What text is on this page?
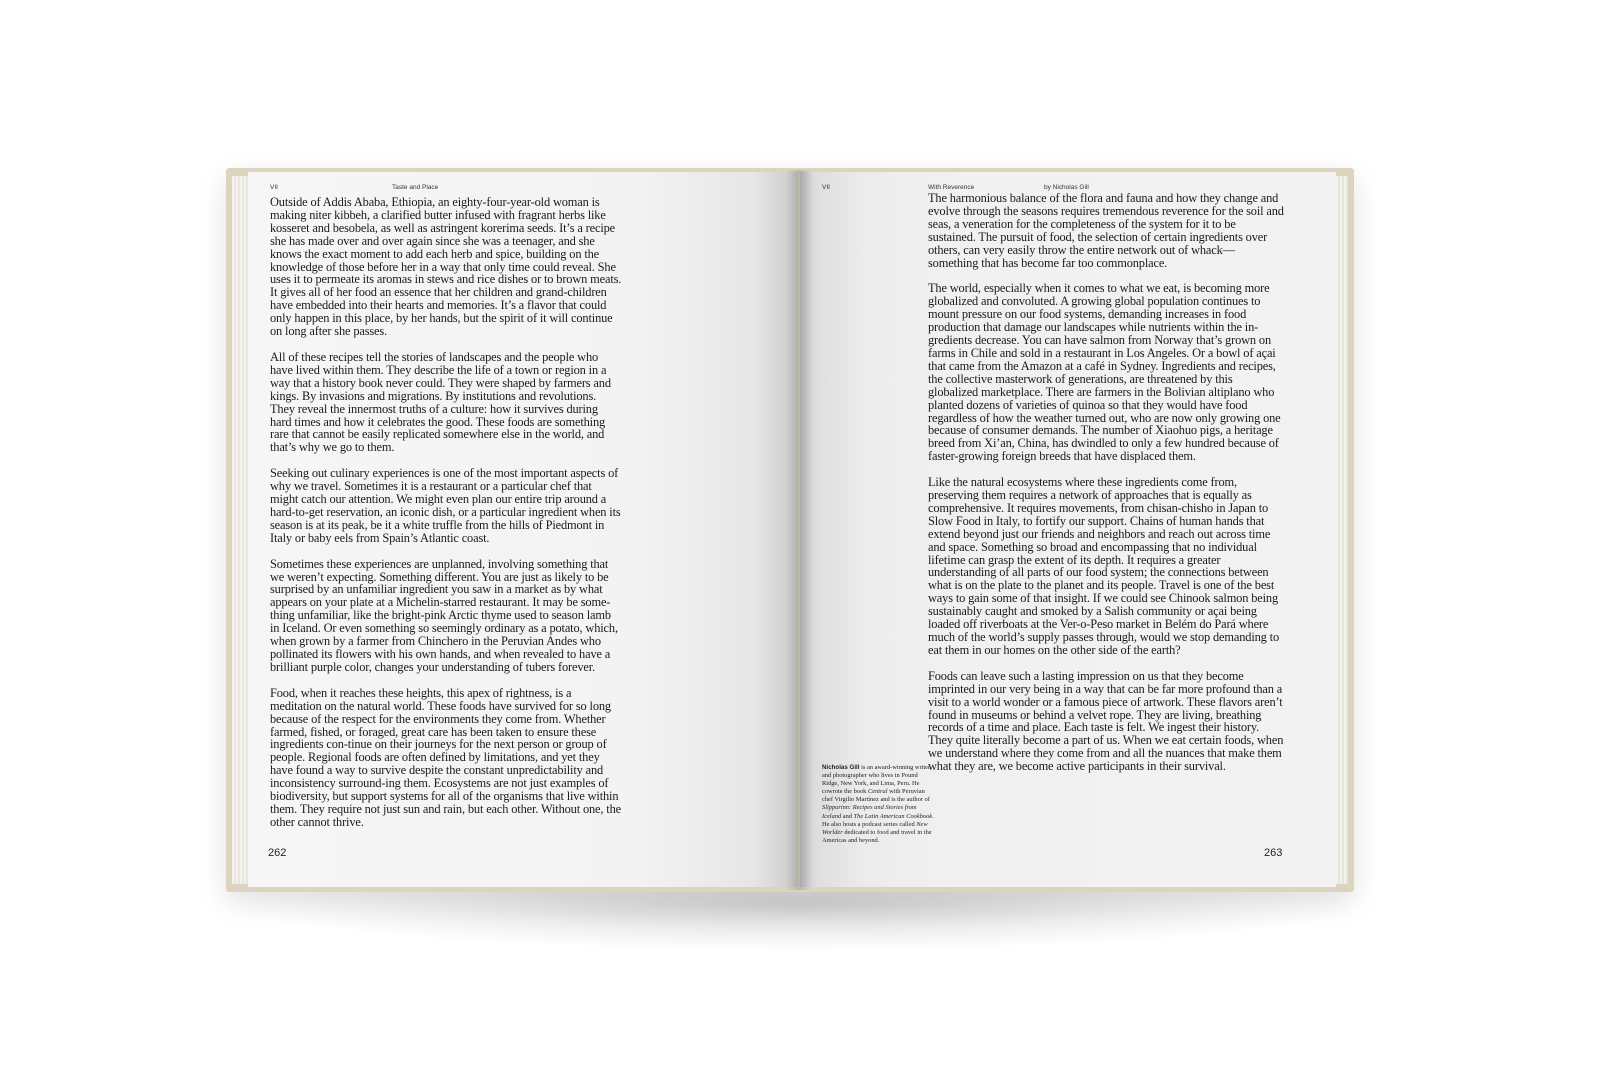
VII	Taste and Place

Outside of Addis Ababa, Ethiopia, an eighty-four-year-old woman is making niter kibbeh, a clarified butter infused with fragrant herbs like kosseret and besobela, as well as astringent korerima seeds. It’s a recipe she has made over and over again since she was a teenager, and she knows the exact moment to add each herb and spice, building on the knowledge of those before her in a way that only time could reveal. She uses it to permeate its aromas in stews and rice dishes or to brown meats. It gives all of her food an essence that her children and grand-children have embedded into their hearts and memories. It’s a flavor that could only happen in this place, by her hands, but the spirit of it will continue on long after she passes.

All of these recipes tell the stories of landscapes and the people who have lived within them. They describe the life of a town or region in a way that a history book never could. They were shaped by farmers and kings. By invasions and migrations. By institutions and revolutions. They reveal the innermost truths of a culture: how it survives during hard times and how it celebrates the good. These foods are something rare that cannot be easily replicated somewhere else in the world, and that’s why we go to them.

Seeking out culinary experiences is one of the most important aspects of why we travel. Sometimes it is a restaurant or a particular chef that might catch our attention. We might even plan our entire trip around a hard-to-get reservation, an iconic dish, or a particular ingredient when its season is at its peak, be it a white truffle from the hills of Piedmont in Italy or baby eels from Spain’s Atlantic coast.

Sometimes these experiences are unplanned, involving something that we weren’t expecting. Something different. You are just as likely to be surprised by an unfamiliar ingredient you saw in a market as by what appears on your plate at a Michelin-starred restaurant. It may be some-thing unfamiliar, like the bright-pink Arctic thyme used to season lamb in Iceland. Or even something so seemingly ordinary as a potato, which, when grown by a farmer from Chinchero in the Peruvian Andes who pollinated its flowers with his own hands, and when revealed to have a brilliant purple color, changes your understanding of tubers forever.

Food, when it reaches these heights, this apex of rightness, is a meditation on the natural world. These foods have survived for so long because of the respect for the environments they come from. Whether farmed, fished, or foraged, great care has been taken to ensure these ingredients con-tinue on their journeys for the next person or group of people. Regional foods are often defined by limitations, and yet they have found a way to survive despite the constant unpredictability and inconsistency surround-ing them. Ecosystems are not just examples of biodiversity, but support systems for all of the organisms that live within them. They require not just sun and rain, but each other. Without one, the other cannot thrive.

262
VII	With Reverence	by Nicholas Gill

The harmonious balance of the flora and fauna and how they change and evolve through the seasons requires tremendous reverence for the soil and seas, a veneration for the completeness of the system for it to be sustained. The pursuit of food, the selection of certain ingredients over others, can very easily throw the entire network out of whack—something that has become far too commonplace.

The world, especially when it comes to what we eat, is becoming more globalized and convoluted. A growing global population continues to mount pressure on our food systems, demanding increases in food production that damage our landscapes while nutrients within the in-gredients decrease. You can have salmon from Norway that’s grown on farms in Chile and sold in a restaurant in Los Angeles. Or a bowl of açai that came from the Amazon at a café in Sydney. Ingredients and recipes, the collective masterwork of generations, are threatened by this globalized marketplace. There are farmers in the Bolivian altiplano who planted dozens of varieties of quinoa so that they would have food regardless of how the weather turned out, who are now only growing one because of consumer demands. The number of Xiaohuo pigs, a heritage breed from Xi’an, China, has dwindled to only a few hundred because of faster-growing foreign breeds that have displaced them.

Like the natural ecosystems where these ingredients come from, preserving them requires a network of approaches that is equally as comprehensive. It requires movements, from chisan-chisho in Japan to Slow Food in Italy, to fortify our support. Chains of human hands that extend beyond just our friends and neighbors and reach out across time and space. Something so broad and encompassing that no individual lifetime can grasp the extent of its depth. It requires a greater understanding of all parts of our food system; the connections between what is on the plate to the planet and its people. Travel is one of the best ways to gain some of that insight. If we could see Chinook salmon being sustainably caught and smoked by a Salish community or açai being loaded off riverboats at the Ver-o-Peso market in Belém do Pará where much of the world’s supply passes through, would we stop demanding to eat them in our homes on the other side of the earth?

Foods can leave such a lasting impression on us that they become imprinted in our very being in a way that can be far more profound than a visit to a world wonder or a famous piece of artwork. These flavors aren’t found in museums or behind a velvet rope. They are living, breathing records of a time and place. Each taste is felt. We ingest their history. They quite literally become a part of us. When we eat certain foods, when we understand where they come from and all the nuances that make them what they are, we become active participants in their survival.

Nicholas Gill is an award-winning writer and photographer who lives in Pound Ridge, New York, and Lima, Peru. He cowrote the book Central with Peruvian chef Virgilio Martínez and is the author of Slippurinn: Recipes and Stories from Iceland and The Latin American Cookbook. He also hosts a podcast series called New Worlder dedicated to food and travel in the Americas and beyond.
263
